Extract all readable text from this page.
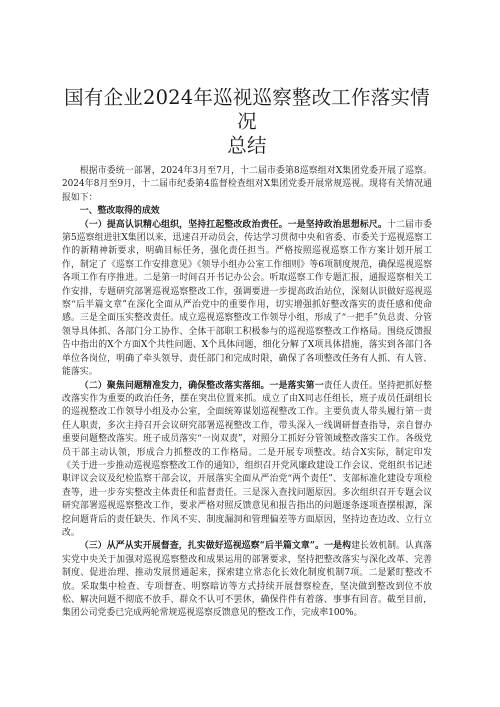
国有企业2024年巡视巡察整改工作落实情况
总结

根据市委统一部署，2024年3月至7月，十二届市委第8巡察组对X集团党委开展了巡察。2024年8月至9月，十二届市纪委第4监督检查组对X集团党委开展常规巡视。现将有关情况通报如下：

一、整改取得的成效

（一）提高认识精心组织，坚持扛起整改政治责任。一是坚持政治思想标尺。十二届市委第5巡察组进驻X集团以来，迅速召开动员会，传达学习贯彻中央和省委、市委关于巡视巡察工作的新精神新要求，明确目标任务，强化责任担当。严格按照巡视巡察工作方案计划开展工作，制定了《巡察工作安排意见》《领导小组办公室工作细则》等6项制度规范，确保巡视巡察各项工作有序推进。二是第一时间召开书记办公会。听取巡察工作专题汇报，通报巡察相关工作安排，专题研究部署巡视巡察整改工作，强调要进一步提高政治站位，深刻认识做好巡视巡察“后半篇文章”在深化全面从严治党中的重要作用，切实增强抓好整改落实的责任感和使命感。三是全面压实整改责任。成立巡视巡察整改工作领导小组，形成了“一把手”负总责、分管领导具体抓、各部门分工协作、全体干部职工积极参与的巡视巡察整改工作格局。围绕反馈报告中指出的X个方面X个共性问题、X个具体问题，细化分解了X项具体措施，落实到各部门各单位各岗位，明确了牵头领导、责任部门和完成时限，确保了各项整改任务有人抓、有人管、能落实。

（二）聚焦问题精准发力，确保整改落实落细。一是落实第一责任人责任。坚持把抓好整改落实作为重要的政治任务，摆在突出位置来抓。成立了由X同志任组长，班子成员任副组长的巡视整改工作领导小组及办公室，全面统筹谋划巡视整改工作。主要负责人带头履行第一责任人职责，多次主持召开会议研究部署巡视整改工作，带头深入一线调研督查指导，亲自督办重要问题整改落实。班子成员落实“一岗双责”，对照分工抓好分管领域整改落实工作。各级党员干部主动认领，形成合力抓整改的工作格局。二是开展专项整改。结合X实际，制定印发《关于进一步推动巡视巡察整改工作的通知》，组织召开党风廉政建设工作会议、党组织书记述职评议会议及纪检监察干部会议，开展落实全面从严治党“两个责任”、支部标准化建设专项检查等，进一步夯实整改主体责任和监督责任。三是深入查找问题原因。多次组织召开专题会议研究部署巡视巡察整改工作，要求严格对照反馈意见和报告指出的问题逐条逐项查摆根源，深挖问题背后的责任缺失、作风不实、制度漏洞和管理偏差等方面原因，坚持边查边改、立行立改。

（三）从严从实开展督查，扎实做好巡视巡察“后半篇文章”。一是构建长效机制。认真落实党中央关于加强对巡视巡察整改和成果运用的部署要求，坚持把整改落实与深化改革、完善制度、促进治理、推动发展贯通起来，探索建立常态化长效化制度机制7项。二是紧盯整改不放。采取集中检查、专项督查、明察暗访等方式持续开展督察检查，坚决做到整改到位不放松、解决问题不彻底不放手、群众不认可不罢休，确保件件有着落、事事有回音。截至目前，集团公司党委已完成两轮常规巡视巡察反馈意见的整改工作，完成率100%。
